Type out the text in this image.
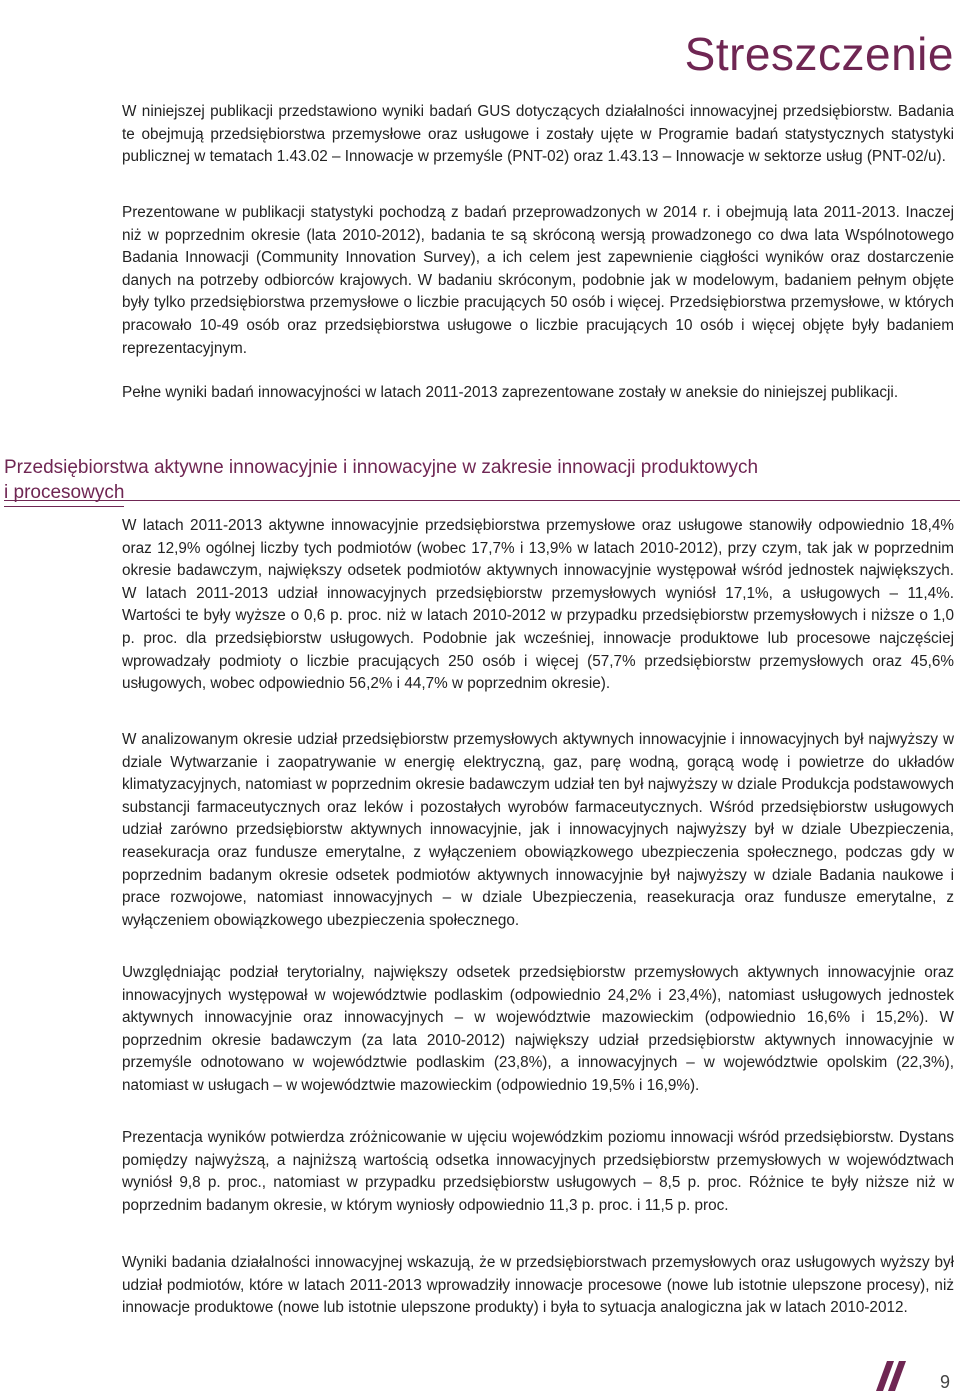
Streszczenie

W niniejszej publikacji przedstawiono wyniki badań GUS dotyczących działalności innowacyjnej przedsiębiorstw. Badania te obejmują przedsiębiorstwa przemysłowe oraz usługowe i zostały ujęte w Programie badań statystycznych statystyki publicznej w tematach 1.43.02 – Innowacje w przemyśle (PNT-02) oraz 1.43.13 – Innowacje w sektorze usług (PNT-02/u).

Prezentowane w publikacji statystyki pochodzą z badań przeprowadzonych w 2014 r. i obejmują lata 2011-2013. Inaczej niż w poprzednim okresie (lata 2010-2012), badania te są skróconą wersją prowadzonego co dwa lata Wspólnotowego Badania Innowacji (Community Innovation Survey), a ich celem jest zapewnienie ciągłości wyników oraz dostarczenie danych na potrzeby odbiorców krajowych. W badaniu skróconym, podobnie jak w modelowym, badaniem pełnym objęte były tylko przedsiębiorstwa przemysłowe o liczbie pracujących 50 osób i więcej. Przedsiębiorstwa przemysłowe, w których pracowało 10-49 osób oraz przedsiębiorstwa usługowe o liczbie pracujących 10 osób i więcej objęte były badaniem reprezentacyjnym.

Pełne wyniki badań innowacyjności w latach 2011-2013 zaprezentowane zostały w aneksie do niniejszej publikacji.

Przedsiębiorstwa aktywne innowacyjnie i innowacyjne w zakresie innowacji produktowych
i procesowych

W latach 2011-2013 aktywne innowacyjnie przedsiębiorstwa przemysłowe oraz usługowe stanowiły odpowiednio 18,4% oraz 12,9% ogólnej liczby tych podmiotów (wobec 17,7% i 13,9% w latach 2010-2012), przy czym, tak jak w poprzednim okresie badawczym, największy odsetek podmiotów aktywnych innowacyjnie występował wśród jednostek największych. W latach 2011-2013 udział innowacyjnych przedsiębiorstw przemysłowych wyniósł 17,1%, a usługowych – 11,4%. Wartości te były wyższe o 0,6 p. proc. niż w latach 2010-2012 w przypadku przedsiębiorstw przemysłowych i niższe o 1,0 p. proc. dla przedsiębiorstw usługowych. Podobnie jak wcześniej, innowacje produktowe lub procesowe najczęściej wprowadzały podmioty o liczbie pracujących 250 osób i więcej (57,7% przedsiębiorstw przemysłowych oraz 45,6% usługowych, wobec odpowiednio 56,2% i 44,7% w poprzednim okresie).

W analizowanym okresie udział przedsiębiorstw przemysłowych aktywnych innowacyjnie i innowacyjnych był najwyższy w dziale Wytwarzanie i zaopatrywanie w energię elektryczną, gaz, parę wodną, gorącą wodę i powietrze do układów klimatyzacyjnych, natomiast w poprzednim okresie badawczym udział ten był najwyższy w dziale Produkcja podstawowych substancji farmaceutycznych oraz leków i pozostałych wyrobów farmaceutycznych. Wśród przedsiębiorstw usługowych udział zarówno przedsiębiorstw aktywnych innowacyjnie, jak i innowacyjnych najwyższy był w dziale Ubezpieczenia, reasekuracja oraz fundusze emerytalne, z wyłączeniem obowiązkowego ubezpieczenia społecznego, podczas gdy w poprzednim badanym okresie odsetek podmiotów aktywnych innowacyjnie był najwyższy w dziale Badania naukowe i prace rozwojowe, natomiast innowacyjnych – w dziale Ubezpieczenia, reasekuracja oraz fundusze emerytalne, z wyłączeniem obowiązkowego ubezpieczenia społecznego.

Uwzględniając podział terytorialny, największy odsetek przedsiębiorstw przemysłowych aktywnych innowacyjnie oraz innowacyjnych występował w województwie podlaskim (odpowiednio 24,2% i 23,4%), natomiast usługowych jednostek aktywnych innowacyjnie oraz innowacyjnych – w województwie mazowieckim (odpowiednio 16,6% i 15,2%). W poprzednim okresie badawczym (za lata 2010-2012) największy udział przedsiębiorstw aktywnych innowacyjnie w przemyśle odnotowano w województwie podlaskim (23,8%), a innowacyjnych – w województwie opolskim (22,3%), natomiast w usługach – w województwie mazowieckim (odpowiednio 19,5% i 16,9%).

Prezentacja wyników potwierdza zróżnicowanie w ujęciu wojewódzkim poziomu innowacji wśród przedsiębiorstw. Dystans pomiędzy najwyższą, a najniższą wartością odsetka innowacyjnych przedsiębiorstw przemysłowych w województwach wyniósł 9,8 p. proc., natomiast w przypadku przedsiębiorstw usługowych – 8,5 p. proc. Różnice te były niższe niż w poprzednim badanym okresie, w którym wyniosły odpowiednio 11,3 p. proc. i 11,5 p. proc.

Wyniki badania działalności innowacyjnej wskazują, że w przedsiębiorstwach przemysłowych oraz usługowych wyższy był udział podmiotów, które w latach 2011-2013 wprowadziły innowacje procesowe (nowe lub istotnie ulepszone procesy), niż innowacje produktowe (nowe lub istotnie ulepszone produkty) i była to sytuacja analogiczna jak w latach 2010-2012.

9
